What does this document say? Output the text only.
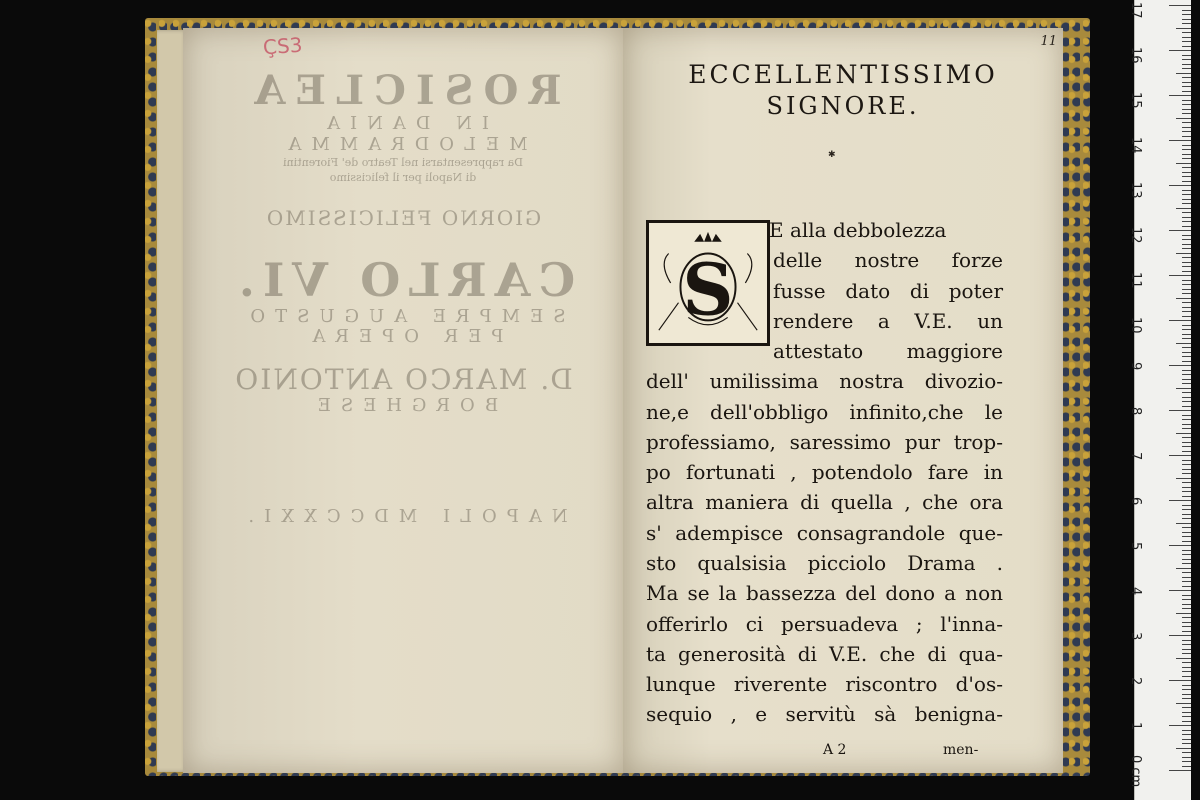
ÇS3
ROSICLEA
IN DANIA
MELODRAMMA
Da rappresentarsi nel Teatro de' Fiorentini
di Napoli per il felicissimo
GIORNO FELICISSIMO
CARLO VI.
SEMPRE AUGUSTO
PER OPERA
D. MARCO ANTONIO
BORGHESE
NAPOLI MDCCXXI.
11
ECCELLENTISSIMO
SIGNORE.
✱
S
E alla debbolezza
delle nostre forze
fusse dato di poter
rendere a V.E. un
attestato maggiore
dell' umilissima nostra divozio-
ne,e dell'obbligo infinito,che le
professiamo, saressimo pur trop-
po fortunati , potendolo fare in
altra maniera di quella , che ora
s' adempisce consagrandole que-
sto qualsisia picciolo Drama .
Ma se la bassezza del dono a non
offerirlo ci persuadeva ; l'inna-
ta generosità di V.E. che di qua-
lunque riverente riscontro d'os-
sequio , e servitù sà benigna-
A 2	men-
0 cm
1
2
3
4
5
6
7
8
9
10
11
12
13
14
15
16
17
